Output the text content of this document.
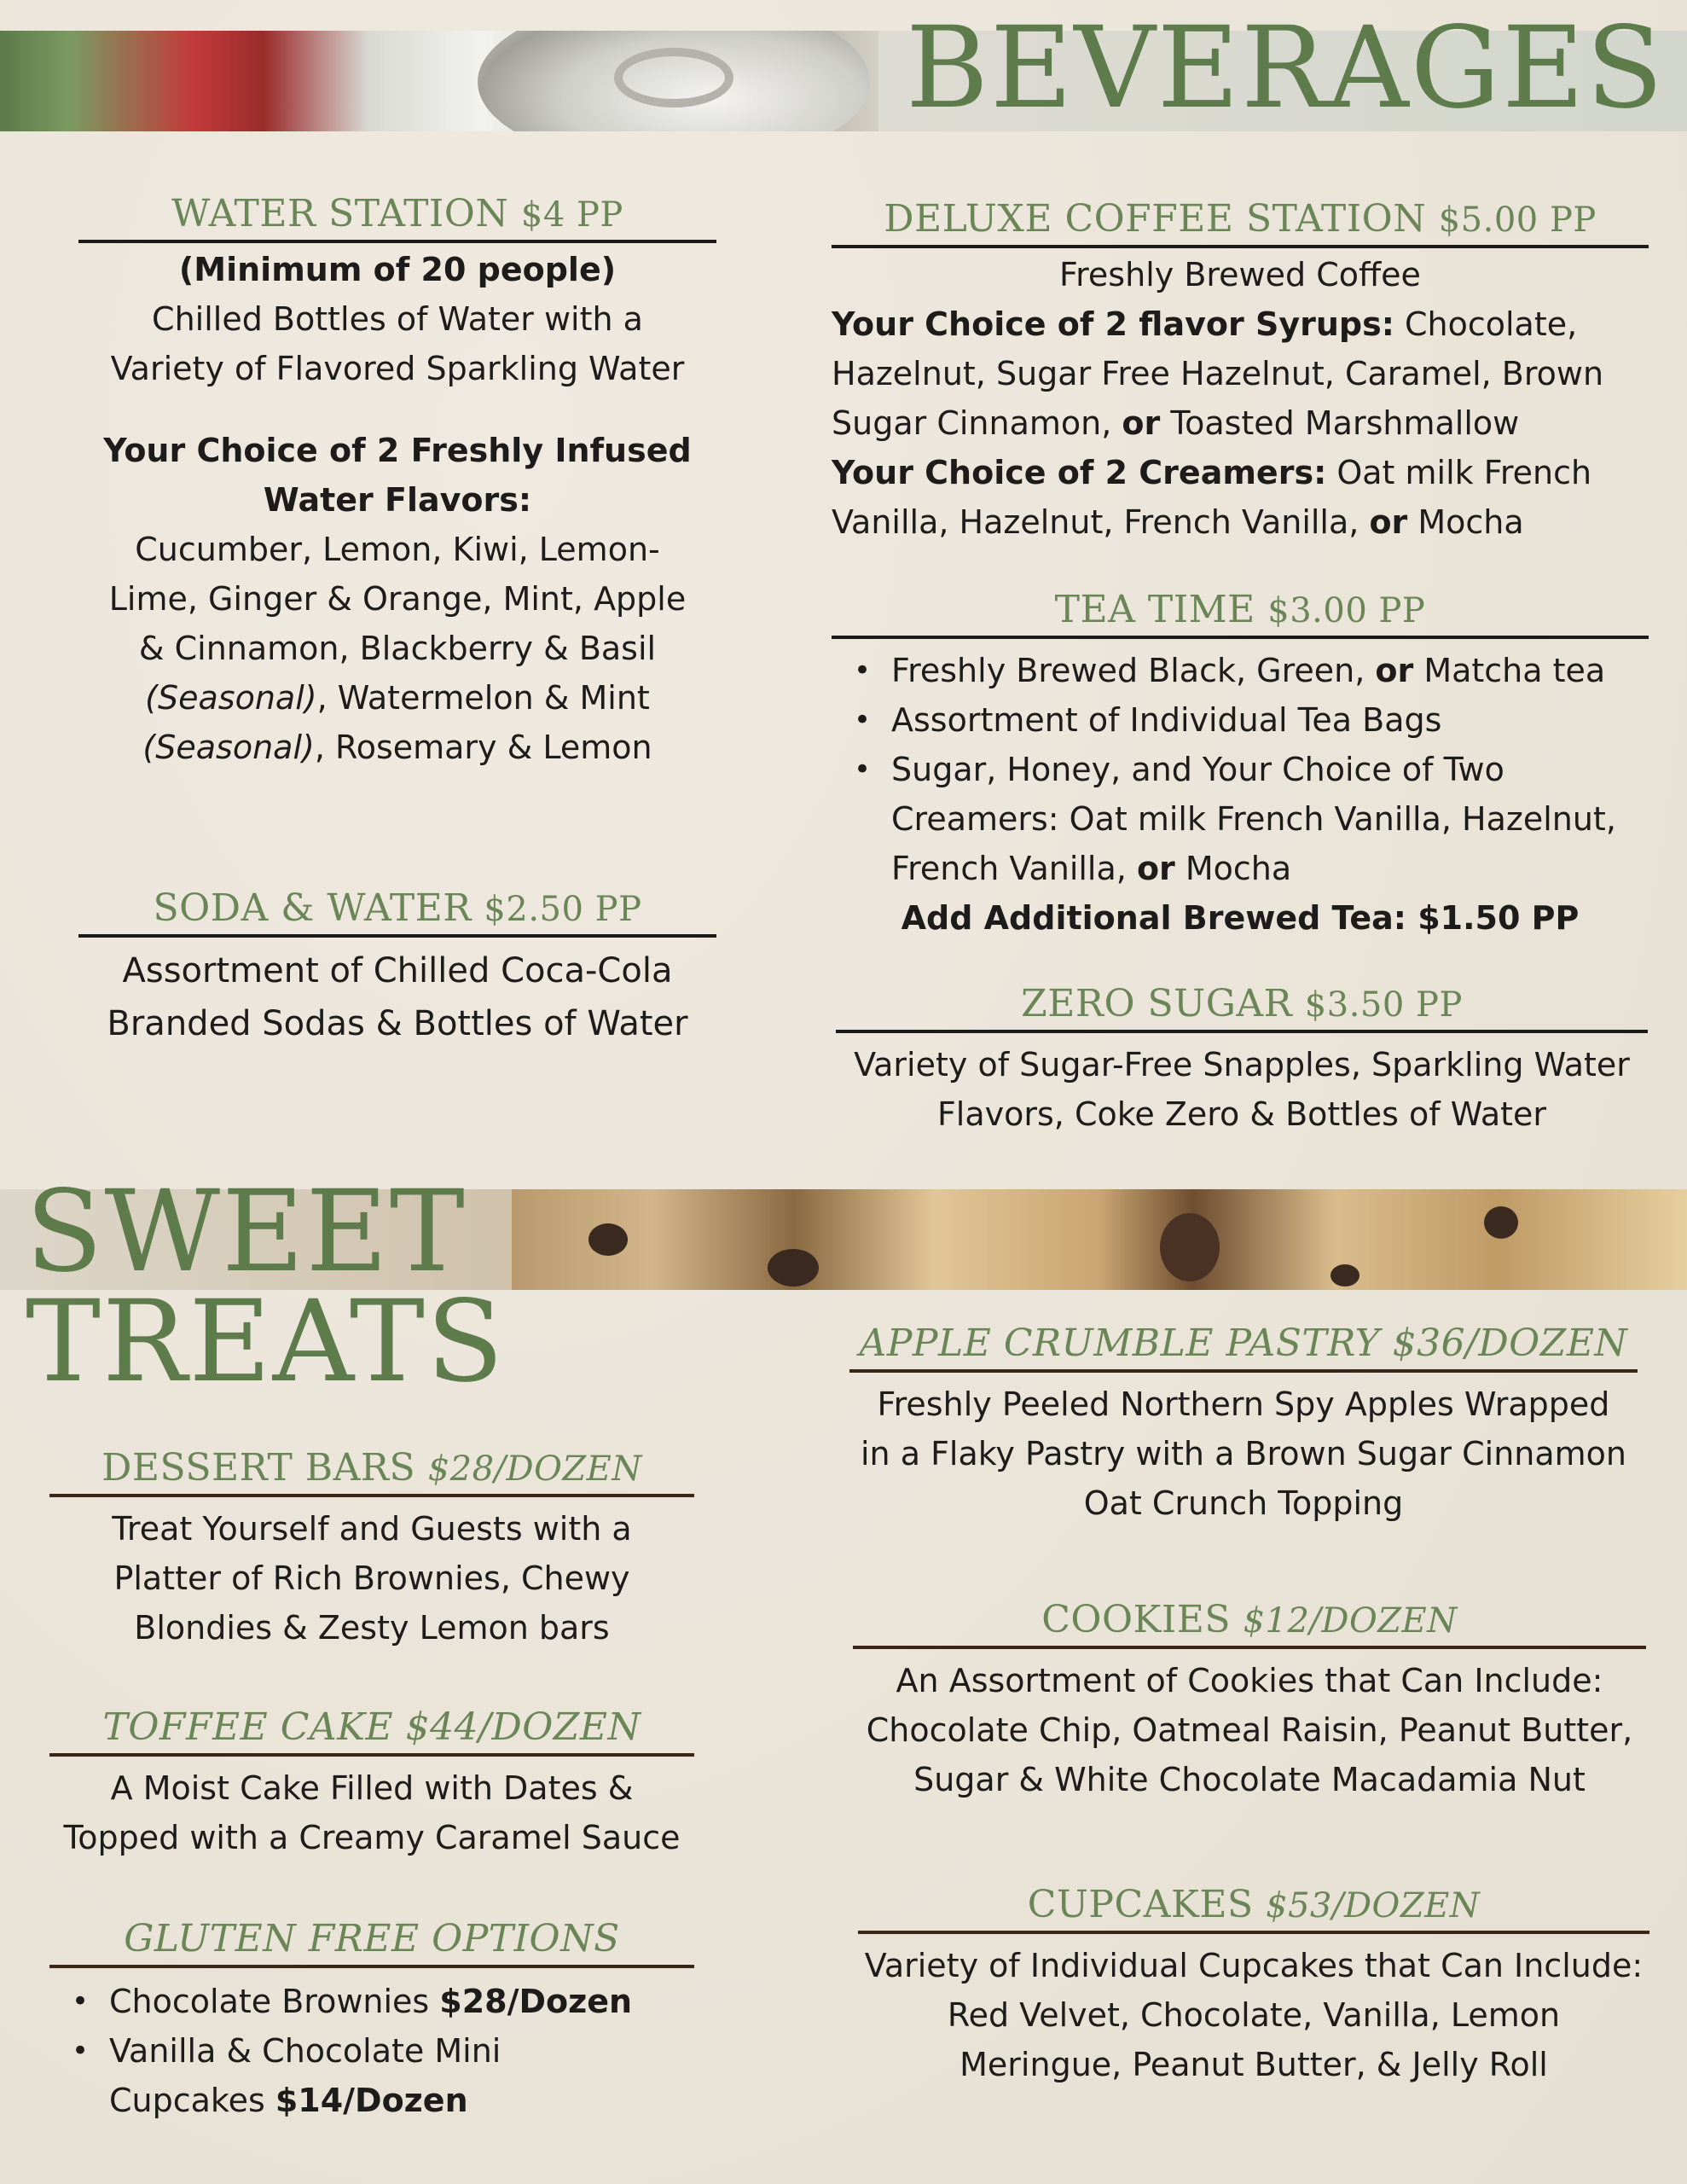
BEVERAGES
WATER STATION $4 PP
(Minimum of 20 people)
Chilled Bottles of Water with a
Variety of Flavored Sparkling Water
Your Choice of 2 Freshly Infused
Water Flavors:
Cucumber, Lemon, Kiwi, Lemon-
Lime, Ginger & Orange, Mint, Apple
& Cinnamon, Blackberry & Basil
(Seasonal), Watermelon & Mint
(Seasonal), Rosemary & Lemon
SODA & WATER $2.50 PP
Assortment of Chilled Coca-Cola
Branded Sodas & Bottles of Water
DELUXE COFFEE STATION $5.00 PP
Freshly Brewed Coffee
Your Choice of 2 flavor Syrups: Chocolate,
Hazelnut, Sugar Free Hazelnut, Caramel, Brown
Sugar Cinnamon, or Toasted Marshmallow
Your Choice of 2 Creamers: Oat milk French
Vanilla, Hazelnut, French Vanilla, or Mocha
TEA TIME $3.00 PP
• Freshly Brewed Black, Green, or Matcha tea
• Assortment of Individual Tea Bags
• Sugar, Honey, and Your Choice of Two
Creamers: Oat milk French Vanilla, Hazelnut,
French Vanilla, or Mocha
Add Additional Brewed Tea: $1.50 PP
ZERO SUGAR $3.50 PP
Variety of Sugar-Free Snapples, Sparkling Water
Flavors, Coke Zero & Bottles of Water
SWEET
TREATS
DESSERT BARS $28/DOZEN
Treat Yourself and Guests with a
Platter of Rich Brownies, Chewy
Blondies & Zesty Lemon bars
TOFFEE CAKE $44/DOZEN
A Moist Cake Filled with Dates &
Topped with a Creamy Caramel Sauce
GLUTEN FREE OPTIONS
• Chocolate Brownies $28/Dozen
• Vanilla & Chocolate Mini
Cupcakes $14/Dozen
APPLE CRUMBLE PASTRY $36/DOZEN
Freshly Peeled Northern Spy Apples Wrapped
in a Flaky Pastry with a Brown Sugar Cinnamon
Oat Crunch Topping
COOKIES $12/DOZEN
An Assortment of Cookies that Can Include:
Chocolate Chip, Oatmeal Raisin, Peanut Butter,
Sugar & White Chocolate Macadamia Nut
CUPCAKES $53/DOZEN
Variety of Individual Cupcakes that Can Include:
Red Velvet, Chocolate, Vanilla, Lemon
Meringue, Peanut Butter, & Jelly Roll
